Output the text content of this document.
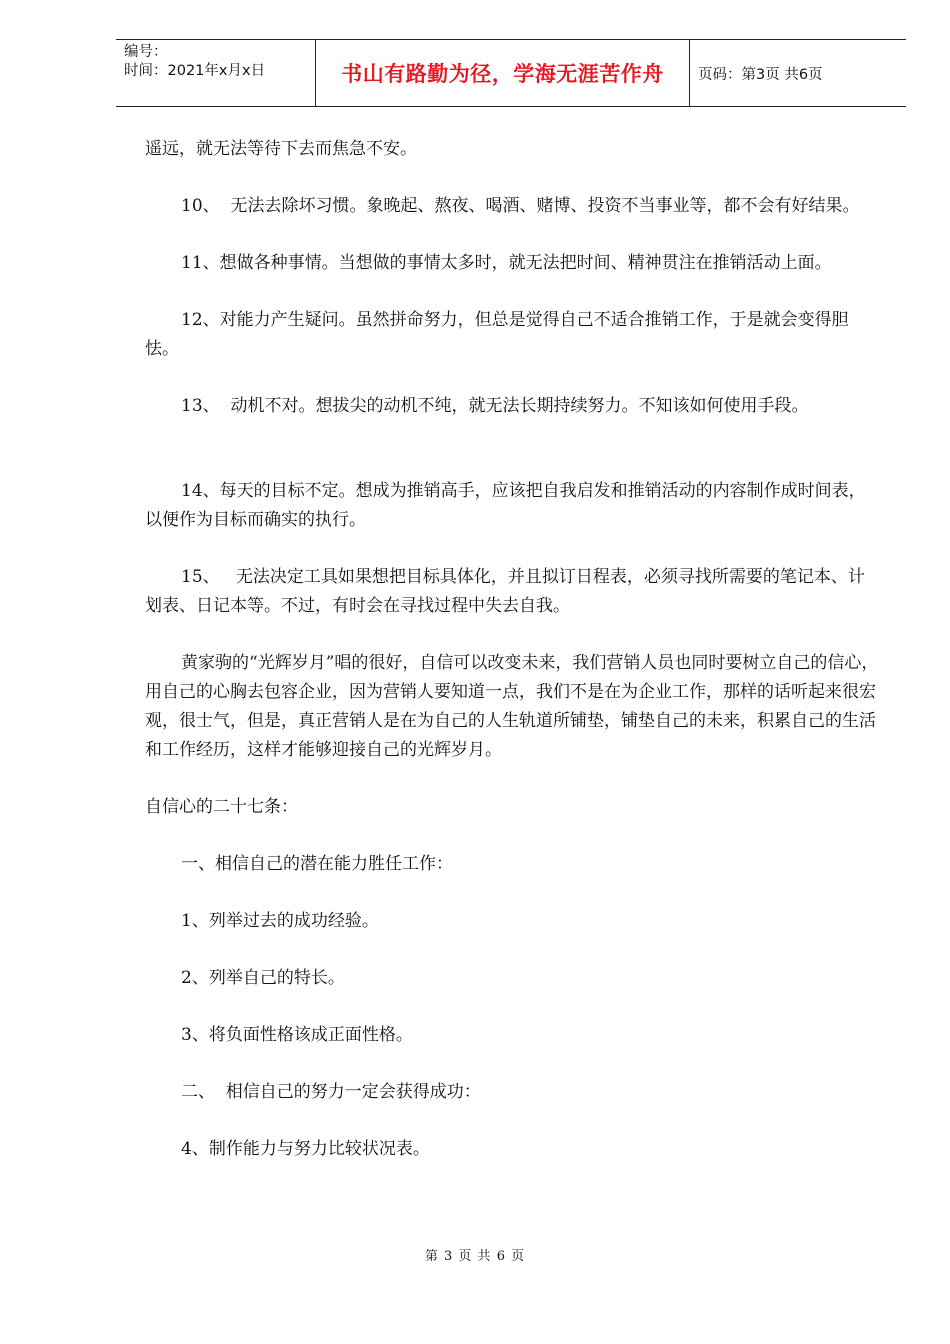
编号：
时间：2021年x月x日	书山有路勤为径，学海无涯苦作舟	页码：第3页 共6页

遥远，就无法等待下去而焦急不安。

10、  无法去除坏习惯。象晚起、熬夜、喝酒、赌博、投资不当事业等，都不会有好结果。

11、想做各种事情。当想做的事情太多时，就无法把时间、精神贯注在推销活动上面。

12、对能力产生疑问。虽然拼命努力，但总是觉得自己不适合推销工作，于是就会变得胆怯。

13、  动机不对。想拔尖的动机不纯，就无法长期持续努力。不知该如何使用手段。

14、每天的目标不定。想成为推销高手，应该把自我启发和推销活动的内容制作成时间表，以便作为目标而确实的执行。

15、   无法决定工具如果想把目标具体化，并且拟订日程表，必须寻找所需要的笔记本、计划表、日记本等。不过，有时会在寻找过程中失去自我。

黄家驹的“光辉岁月”唱的很好，自信可以改变未来，我们营销人员也同时要树立自己的信心，用自己的心胸去包容企业，因为营销人要知道一点，我们不是在为企业工作，那样的话听起来很宏观，很士气，但是，真正营销人是在为自己的人生轨道所铺垫，铺垫自己的未来，积累自己的生活和工作经历，这样才能够迎接自己的光辉岁月。

自信心的二十七条：

一、相信自己的潜在能力胜任工作：

1、列举过去的成功经验。

2、列举自己的特长。

3、将负面性格该成正面性格。

二、  相信自己的努力一定会获得成功：

4、制作能力与努力比较状况表。

第 3 页 共 6 页
